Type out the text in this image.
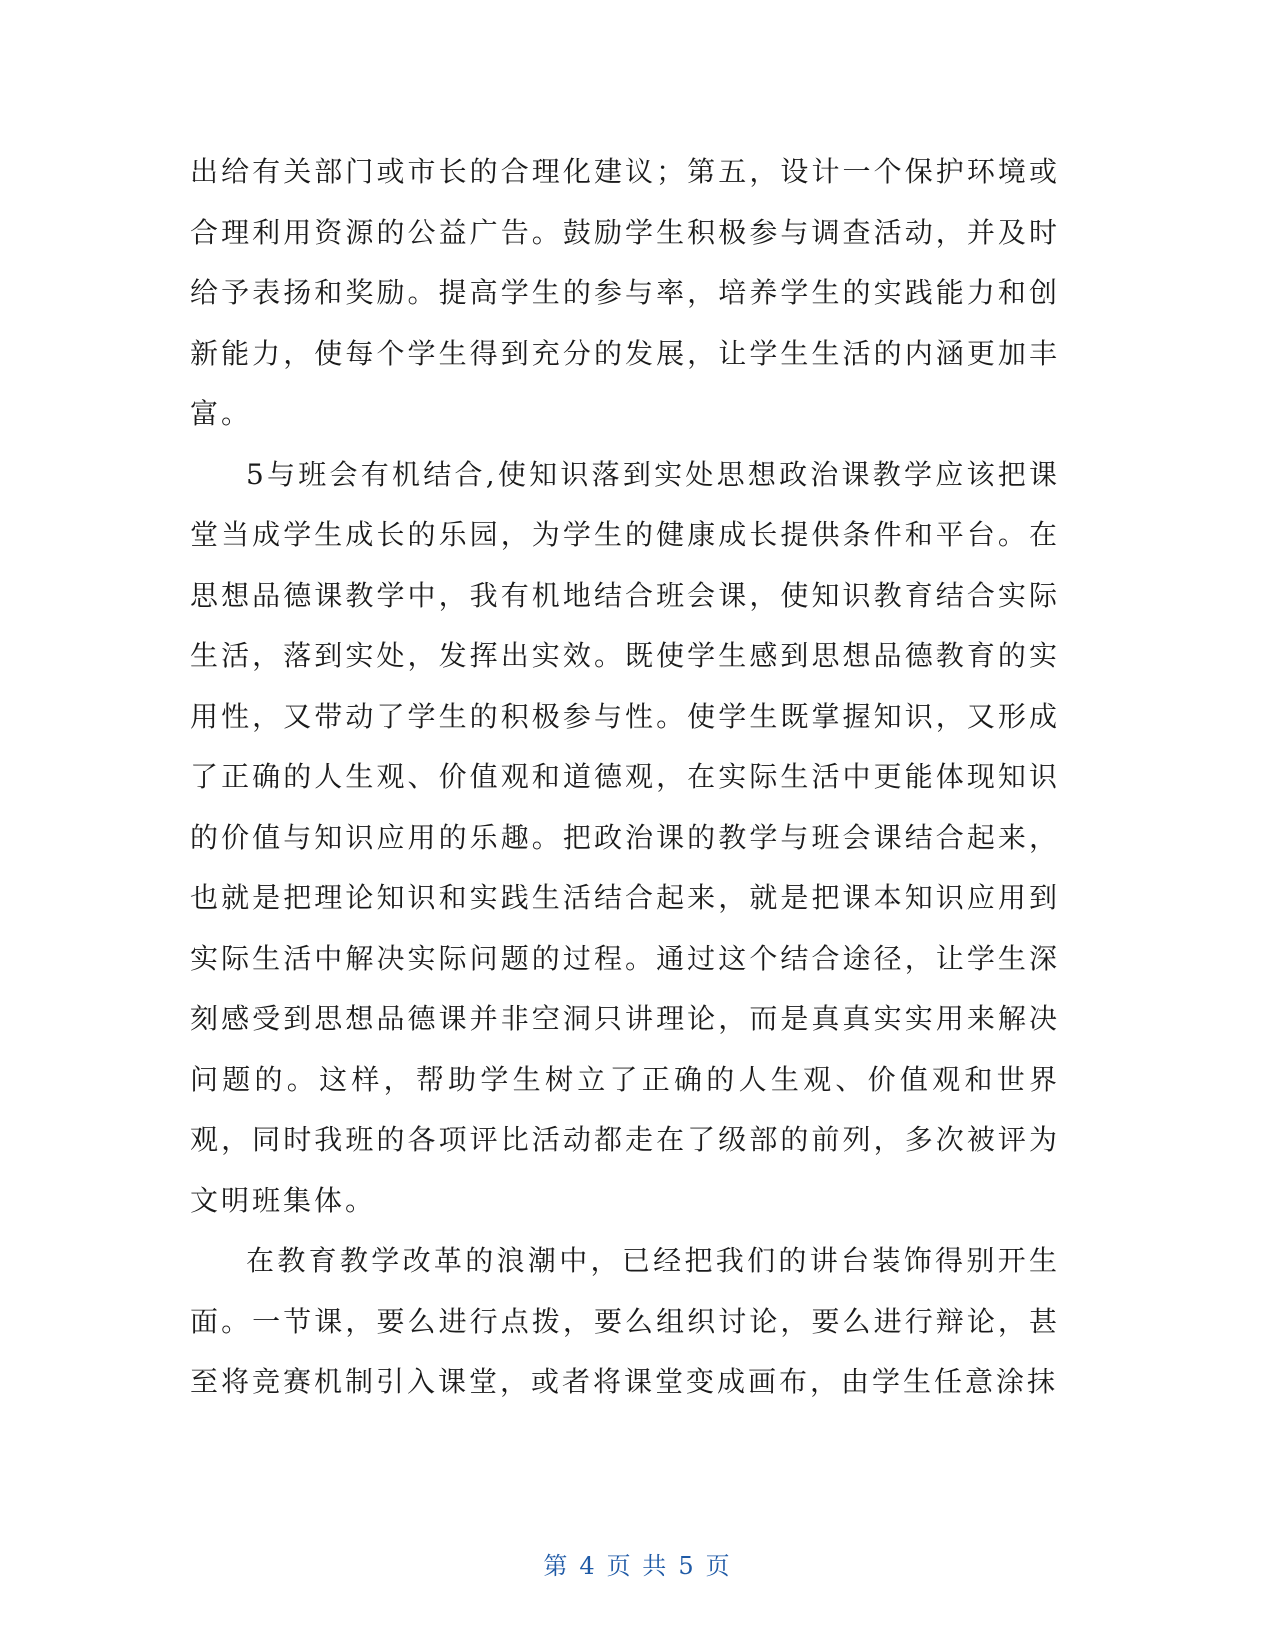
出给有关部门或市长的合理化建议；第五，设计一个保护环境或合理利用资源的公益广告。鼓励学生积极参与调查活动，并及时给予表扬和奖励。提高学生的参与率，培养学生的实践能力和创新能力，使每个学生得到充分的发展，让学生生活的内涵更加丰富。

5与班会有机结合,使知识落到实处思想政治课教学应该把课堂当成学生成长的乐园，为学生的健康成长提供条件和平台。在思想品德课教学中，我有机地结合班会课，使知识教育结合实际生活，落到实处，发挥出实效。既使学生感到思想品德教育的实用性，又带动了学生的积极参与性。使学生既掌握知识，又形成了正确的人生观、价值观和道德观，在实际生活中更能体现知识的价值与知识应用的乐趣。把政治课的教学与班会课结合起来，也就是把理论知识和实践生活结合起来，就是把课本知识应用到实际生活中解决实际问题的过程。通过这个结合途径，让学生深刻感受到思想品德课并非空洞只讲理论，而是真真实实用来解决问题的。这样，帮助学生树立了正确的人生观、价值观和世界观，同时我班的各项评比活动都走在了级部的前列，多次被评为文明班集体。

在教育教学改革的浪潮中，已经把我们的讲台装饰得别开生面。一节课，要么进行点拨，要么组织讨论，要么进行辩论，甚至将竞赛机制引入课堂，或者将课堂变成画布，由学生任意涂抹

第 4 页 共 5 页
